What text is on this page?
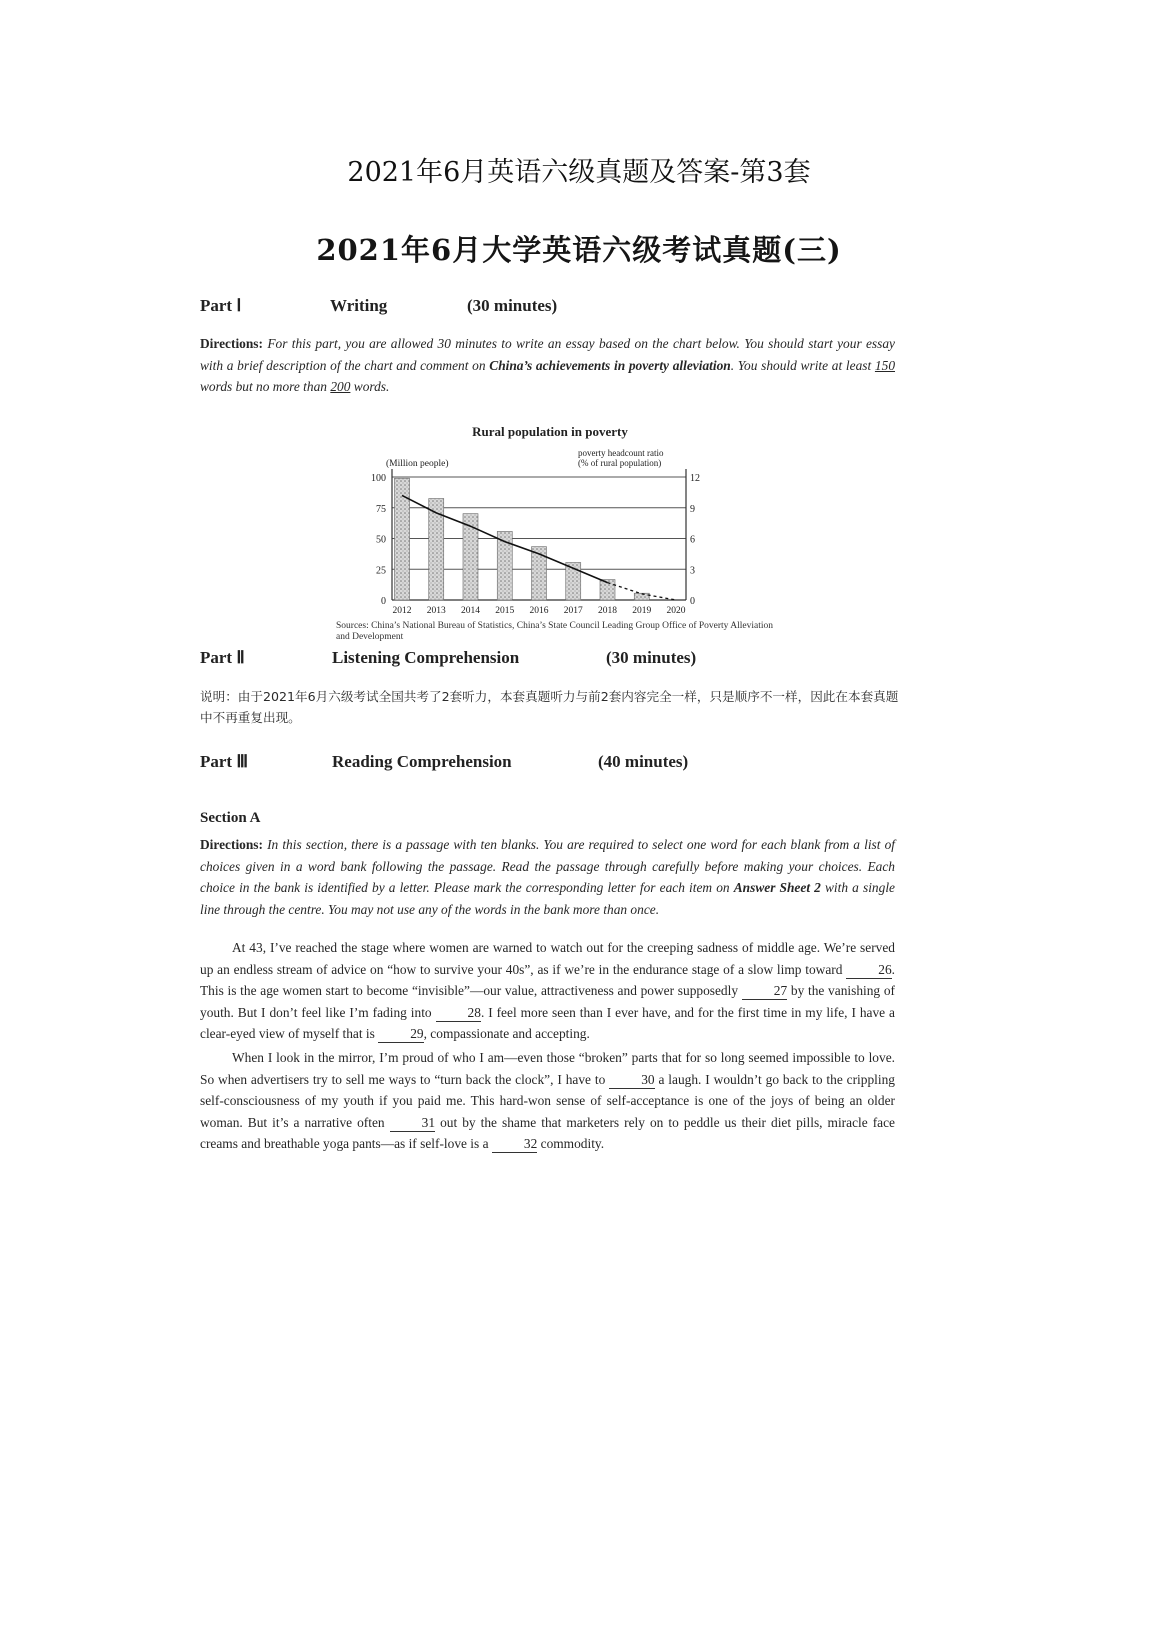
2021年6月英语六级真题及答案-第3套
2021年6月大学英语六级考试真题(三)
Part Ⅰ	Writing	(30 minutes)
Directions: For this part, you are allowed 30 minutes to write an essay based on the chart below. You should start your essay with a brief description of the chart and comment on China’s achievements in poverty alleviation. You should write at least 150 words but no more than 200 words.
Rural population in poverty
0
25
50
75
100
0
3
6
9
12
(Million people)
poverty headcount ratio
(% of rural population)
2012 2013 2014 2015 2016 2017 2018 2019 2020
Sources: China’s National Bureau of Statistics, China’s State Council Leading Group Office of Poverty Alleviation and Development
Part Ⅱ	Listening Comprehension	(30 minutes)
说明：由于2021年6月六级考试全国共考了2套听力，本套真题听力与前2套内容完全一样，只是顺序不一样，因此在本套真题中不再重复出现。
Part Ⅲ	Reading Comprehension	(40 minutes)
Section A
Directions: In this section, there is a passage with ten blanks. You are required to select one word for each blank from a list of choices given in a word bank following the passage. Read the passage through carefully before making your choices. Each choice in the bank is identified by a letter. Please mark the corresponding letter for each item on Answer Sheet 2 with a single line through the centre. You may not use any of the words in the bank more than once.
At 43, I’ve reached the stage where women are warned to watch out for the creeping sadness of middle age. We’re served up an endless stream of advice on “how to survive your 40s”, as if we’re in the endurance stage of a slow limp toward 26. This is the age women start to become “invisible”—our value, attractiveness and power supposedly 27 by the vanishing of youth. But I don’t feel like I’m fading into 28. I feel more seen than I ever have, and for the first time in my life, I have a clear-eyed view of myself that is 29, compassionate and accepting.
When I look in the mirror, I’m proud of who I am—even those “broken” parts that for so long seemed impossible to love. So when advertisers try to sell me ways to “turn back the clock”, I have to 30 a laugh. I wouldn’t go back to the crippling self-consciousness of my youth if you paid me. This hard-won sense of self-acceptance is one of the joys of being an older woman. But it’s a narrative often 31 out by the shame that marketers rely on to peddle us their diet pills, miracle face creams and breathable yoga pants—as if self-love is a 32 commodity.
